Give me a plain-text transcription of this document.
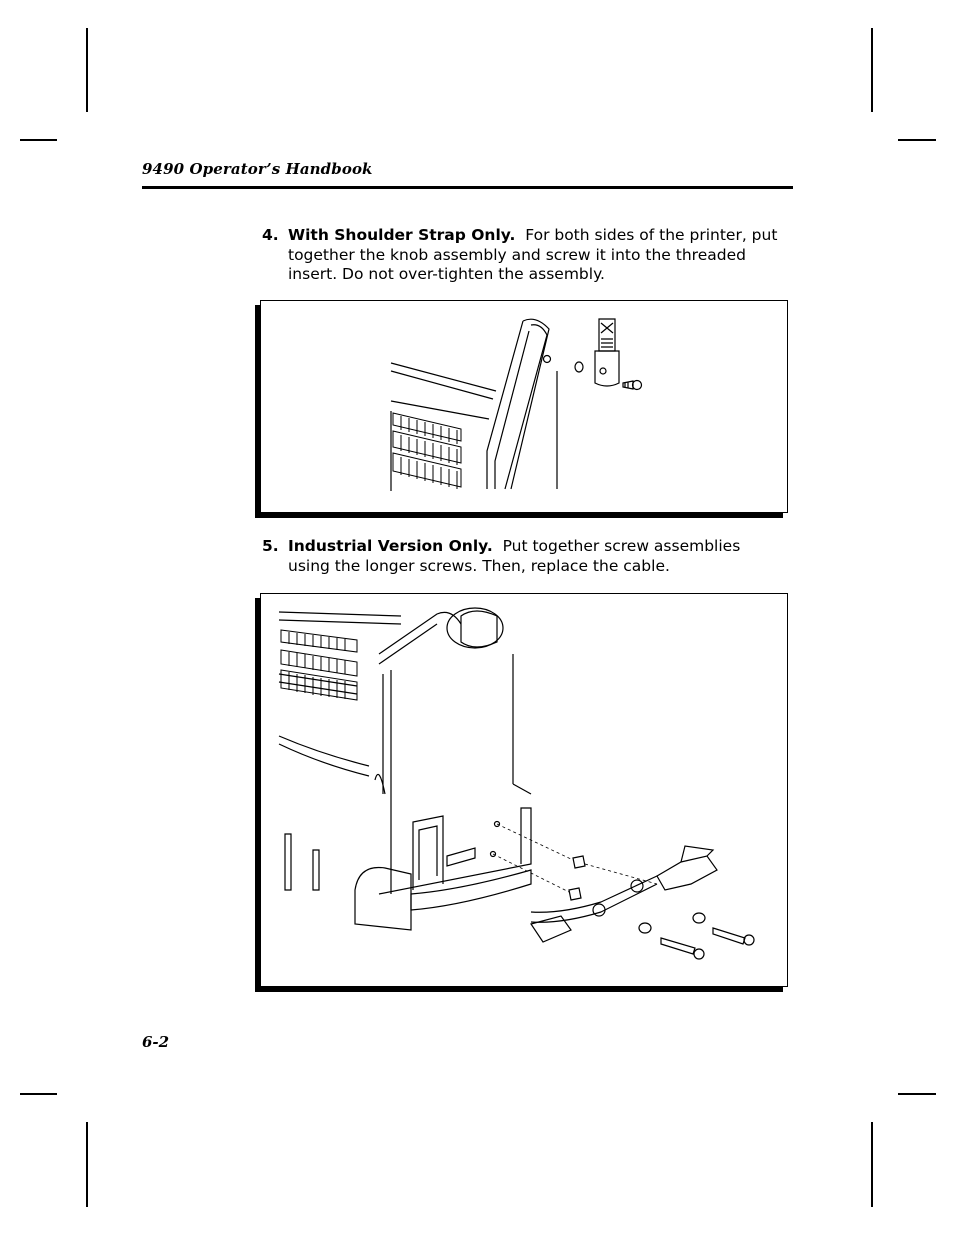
9490 Operator’s Handbook
4. With Shoulder Strap Only. For both sides of the printer, put together the knob assembly and screw it into the threaded insert. Do not over-tighten the assembly.
5. Industrial Version Only. Put together screw assemblies using the longer screws. Then, replace the cable.
6-2
